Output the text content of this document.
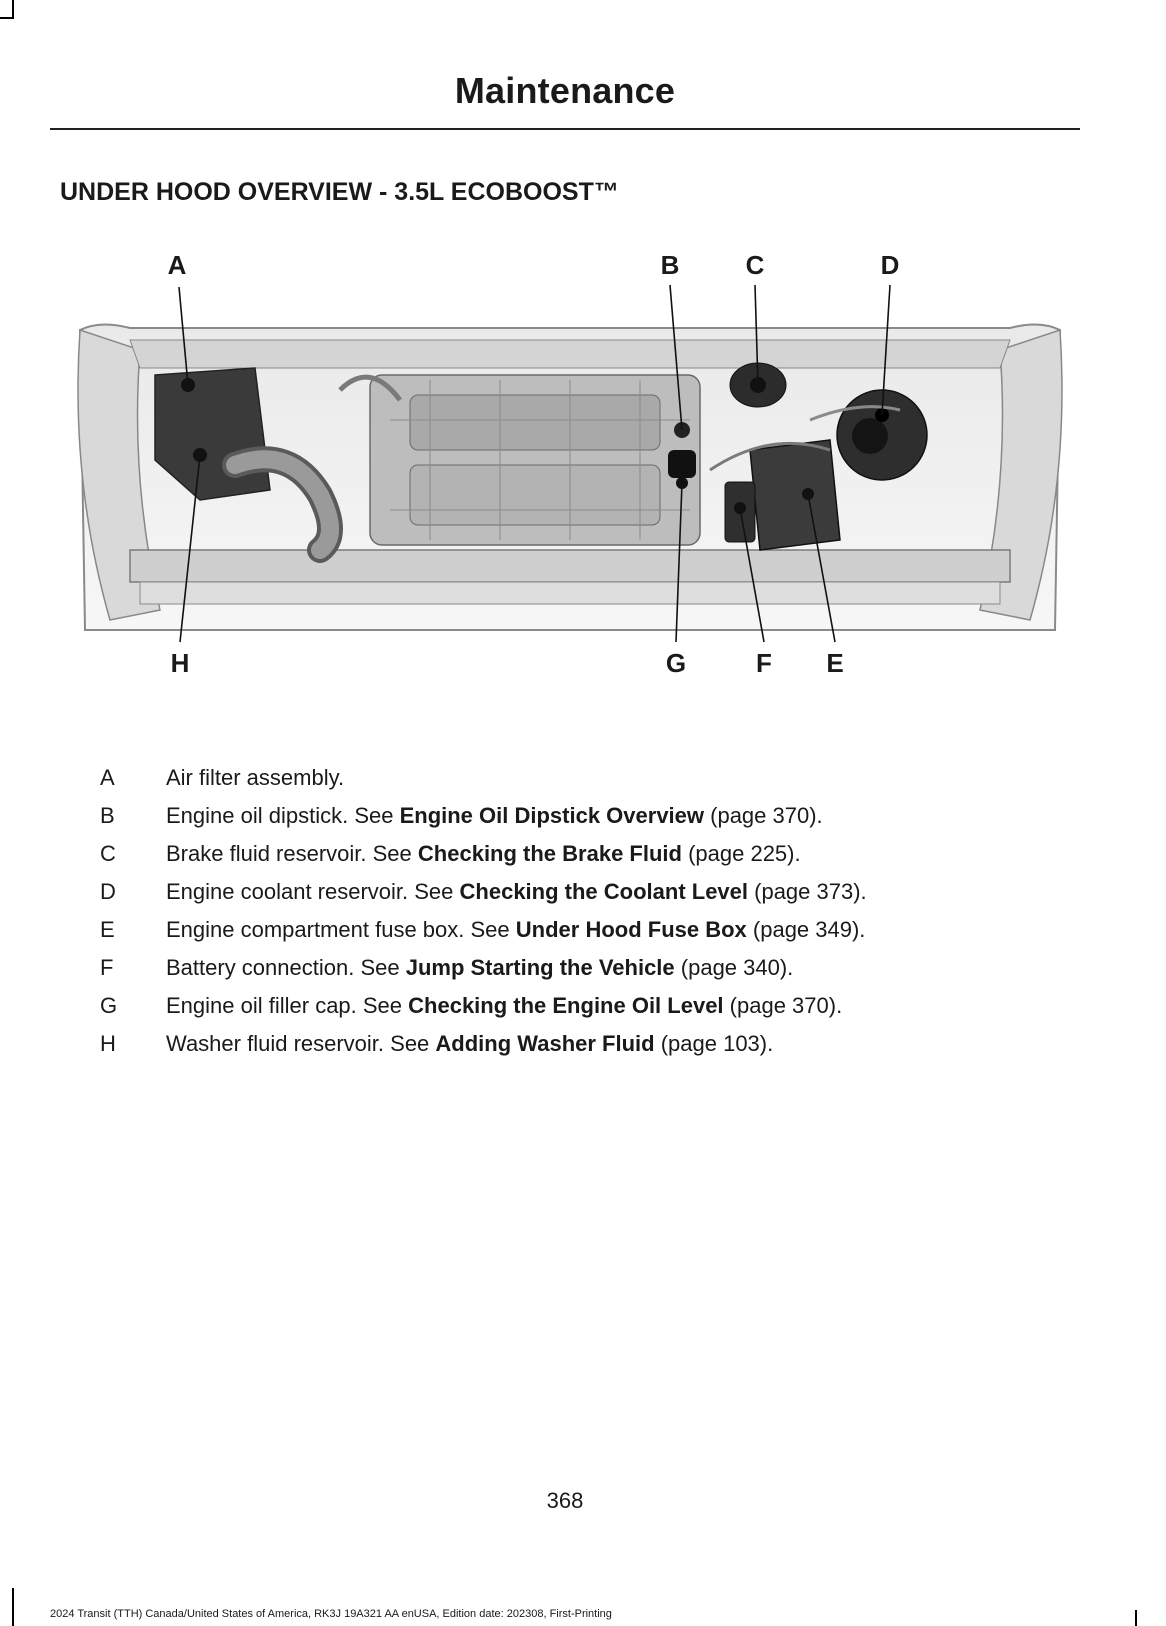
Maintenance
UNDER HOOD OVERVIEW - 3.5L ECOBOOST™
A	B	C	D
H	G	F E
A Air filter assembly.
B Engine oil dipstick. See Engine Oil Dipstick Overview (page 370).
C Brake fluid reservoir. See Checking the Brake Fluid (page 225).
D Engine coolant reservoir. See Checking the Coolant Level (page 373).
E Engine compartment fuse box. See Under Hood Fuse Box (page 349).
F Battery connection. See Jump Starting the Vehicle (page 340).
G Engine oil filler cap. See Checking the Engine Oil Level (page 370).
H Washer fluid reservoir. See Adding Washer Fluid (page 103).
368
2024 Transit (TTH) Canada/United States of America, RK3J 19A321 AA enUSA, Edition date: 202308, First-Printing
